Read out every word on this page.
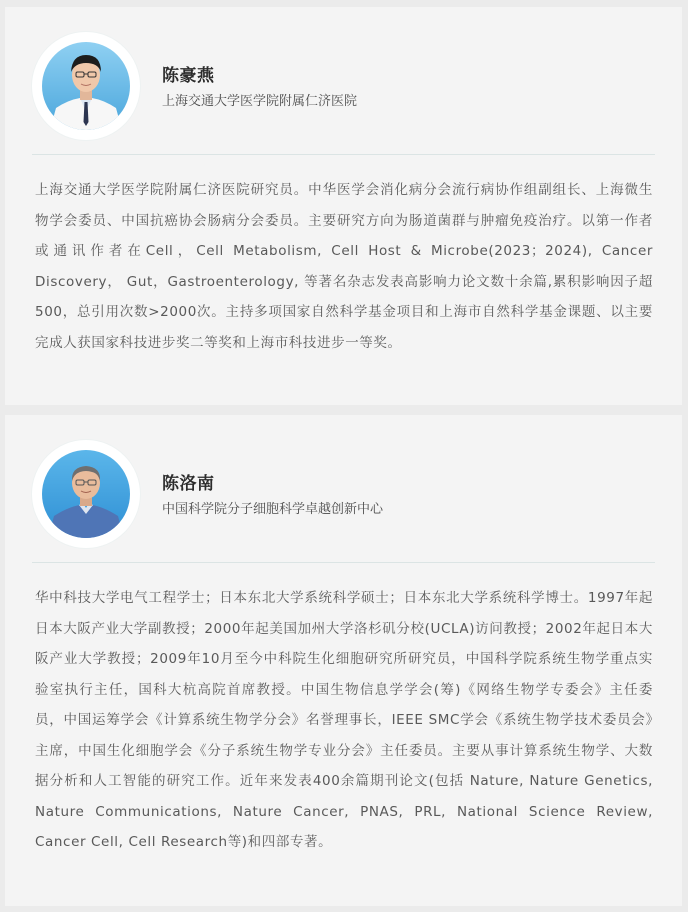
陈豪燕
上海交通大学医学院附属仁济医院
上海交通大学医学院附属仁济医院研究员。中华医学会消化病分会流行病协作组副组长、上海微生物学会委员、中国抗癌协会肠病分会委员。主要研究方向为肠道菌群与肿瘤免疫治疗。以第一作者或通讯作者在Cell，Cell Metabolism, Cell Host & Microbe(2023；2024), Cancer Discovery， Gut，Gastroenterology, 等著名杂志发表高影响力论文数十余篇,累积影响因子超500，总引用次数>2000次。主持多项国家自然科学基金项目和上海市自然科学基金课题、以主要完成人获国家科技进步奖二等奖和上海市科技进步一等奖。
陈洛南
中国科学院分子细胞科学卓越创新中心
华中科技大学电气工程学士；日本东北大学系统科学硕士；日本东北大学系统科学博士。1997年起日本大阪产业大学副教授；2000年起美国加州大学洛杉矶分校(UCLA)访问教授；2002年起日本大阪产业大学教授；2009年10月至今中科院生化细胞研究所研究员，中国科学院系统生物学重点实验室执行主任，国科大杭高院首席教授。中国生物信息学学会(筹)《网络生物学专委会》主任委员，中国运筹学会《计算系统生物学分会》名誉理事长，IEEE SMC学会《系统生物学技术委员会》主席，中国生化细胞学会《分子系统生物学专业分会》主任委员。主要从事计算系统生物学、大数据分析和人工智能的研究工作。近年来发表400余篇期刊论文(包括 Nature, Nature Genetics, Nature Communications, Nature Cancer, PNAS, PRL, National Science Review, Cancer Cell, Cell Research等)和四部专著。
